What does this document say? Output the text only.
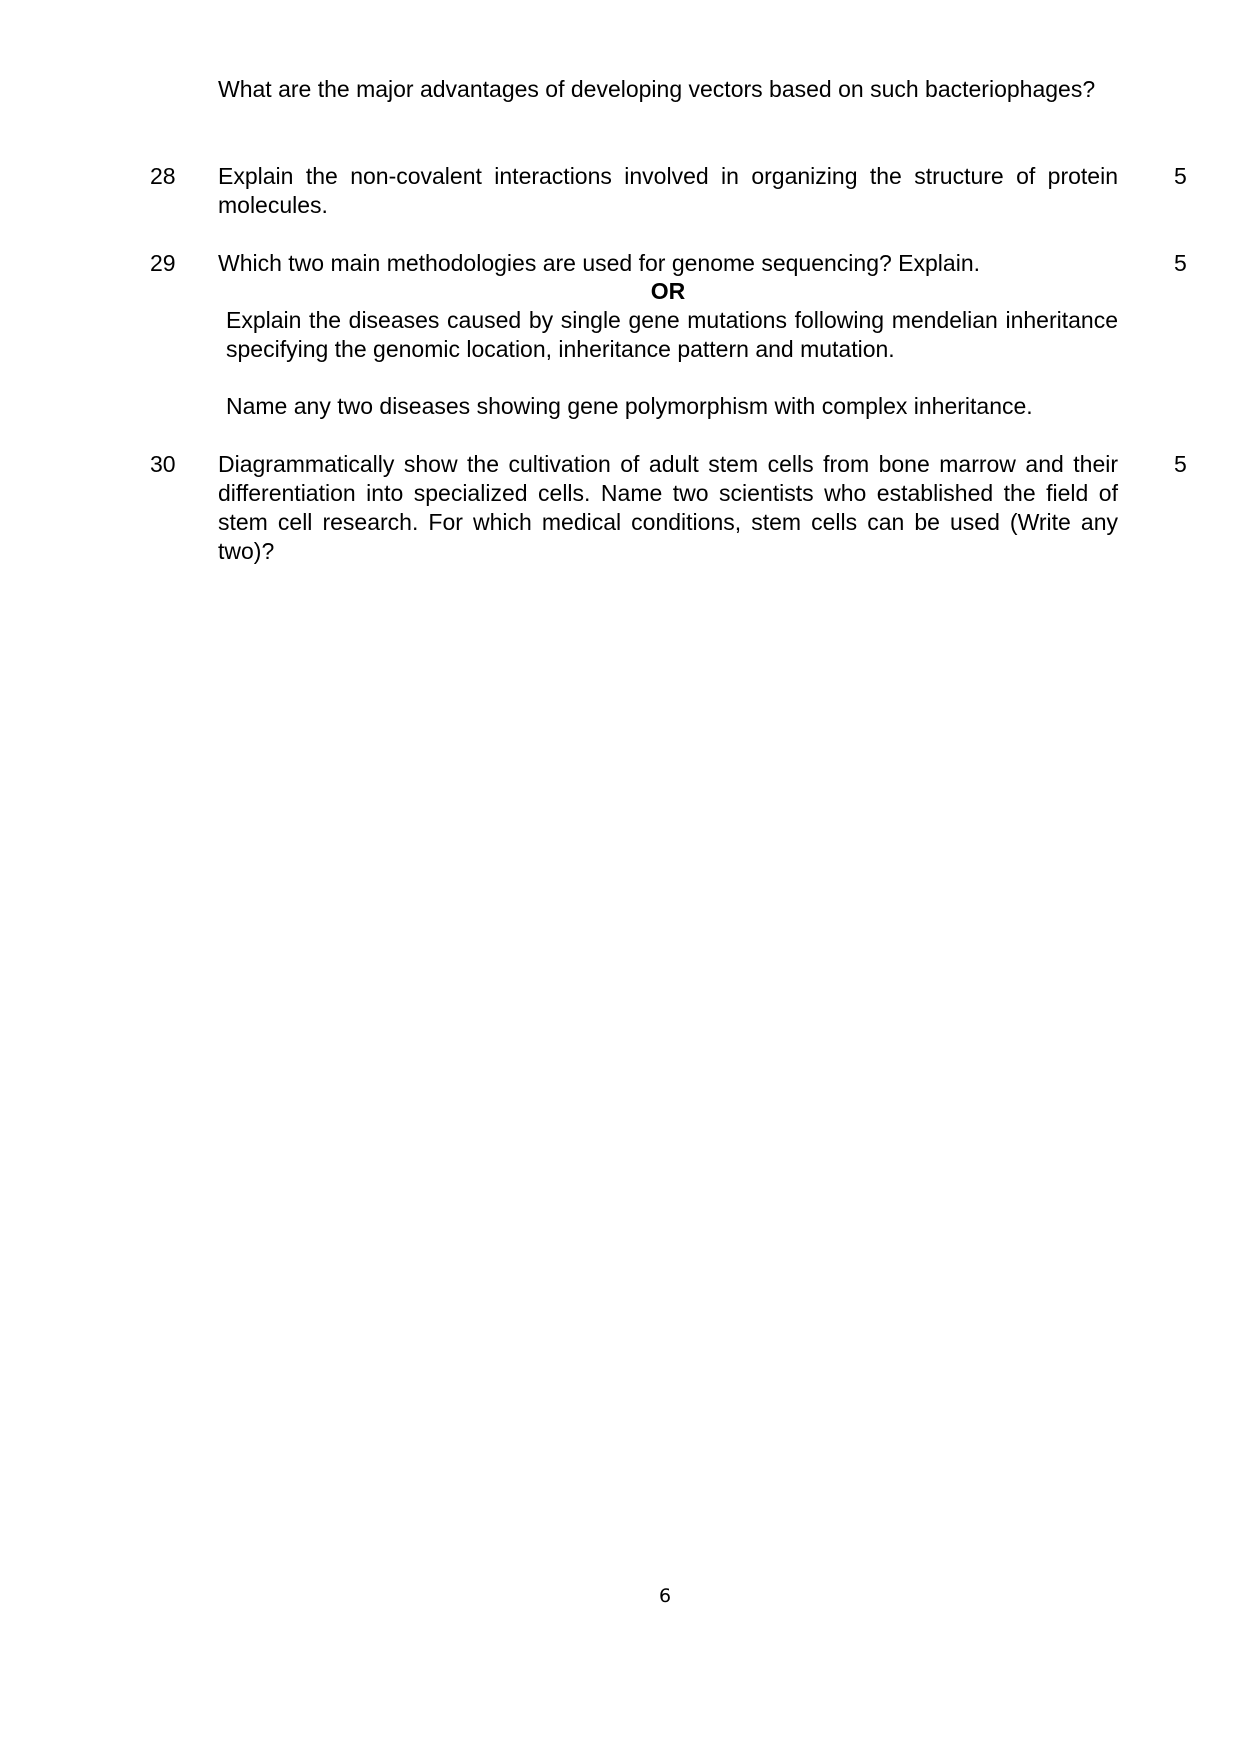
What are the major advantages of developing vectors based on such bacteriophages?
28 Explain the non-covalent interactions involved in organizing the structure of protein molecules.
5
29 Which two main methodologies are used for genome sequencing? Explain.	5
OR
Explain the diseases caused by single gene mutations following mendelian inheritance specifying the genomic location, inheritance pattern and mutation.
Name any two diseases showing gene polymorphism with complex inheritance.
30 Diagrammatically show the cultivation of adult stem cells from bone marrow and their differentiation into specialized cells. Name two scientists who established the field of stem cell research. For which medical conditions, stem cells can be used (Write any two)?
5
6
